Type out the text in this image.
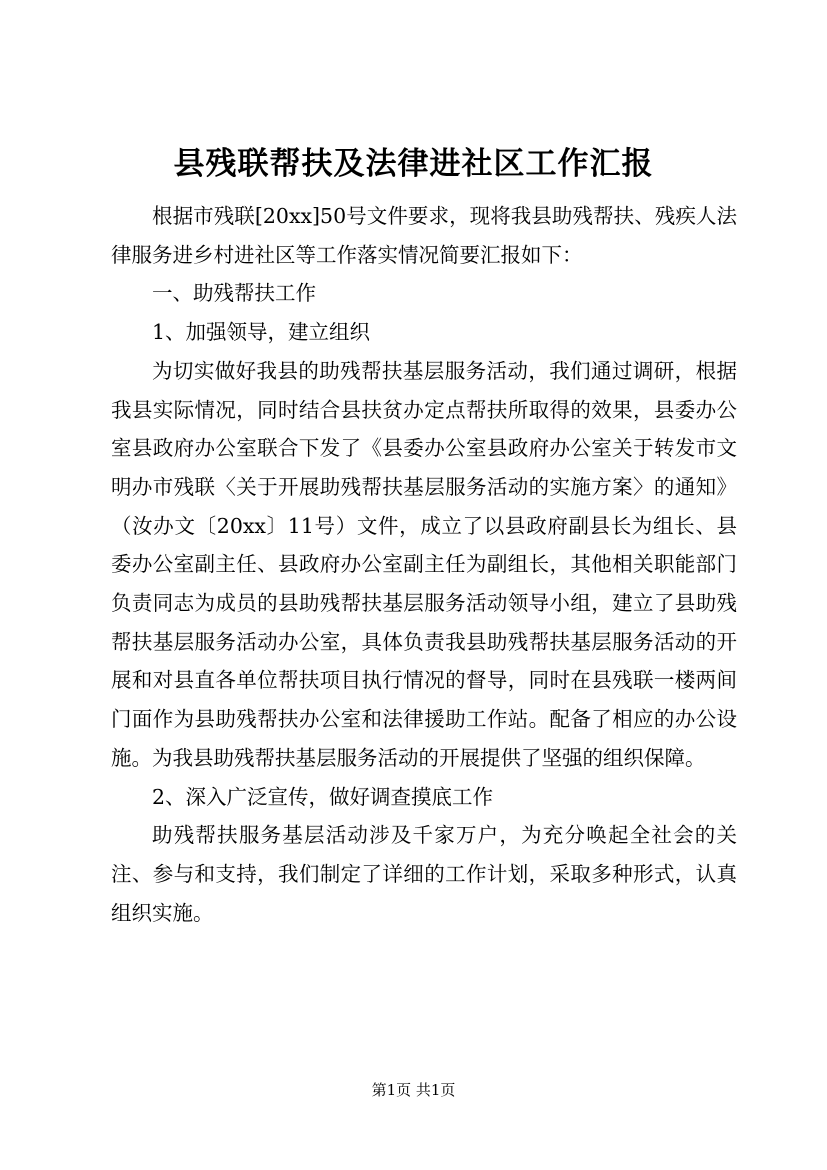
县残联帮扶及法律进社区工作汇报

根据市残联[20xx]50号文件要求，现将我县助残帮扶、残疾人法律服务进乡村进社区等工作落实情况简要汇报如下：

一、助残帮扶工作

1、加强领导，建立组织

为切实做好我县的助残帮扶基层服务活动，我们通过调研，根据我县实际情况，同时结合县扶贫办定点帮扶所取得的效果，县委办公室县政府办公室联合下发了《县委办公室县政府办公室关于转发市文明办市残联〈关于开展助残帮扶基层服务活动的实施方案〉的通知》（汝办文〔20xx〕11号）文件，成立了以县政府副县长为组长、县委办公室副主任、县政府办公室副主任为副组长，其他相关职能部门负责同志为成员的县助残帮扶基层服务活动领导小组，建立了县助残帮扶基层服务活动办公室，具体负责我县助残帮扶基层服务活动的开展和对县直各单位帮扶项目执行情况的督导，同时在县残联一楼两间门面作为县助残帮扶办公室和法律援助工作站。配备了相应的办公设施。为我县助残帮扶基层服务活动的开展提供了坚强的组织保障。

2、深入广泛宣传，做好调查摸底工作

助残帮扶服务基层活动涉及千家万户，为充分唤起全社会的关注、参与和支持，我们制定了详细的工作计划，采取多种形式，认真组织实施。

第1页 共1页
